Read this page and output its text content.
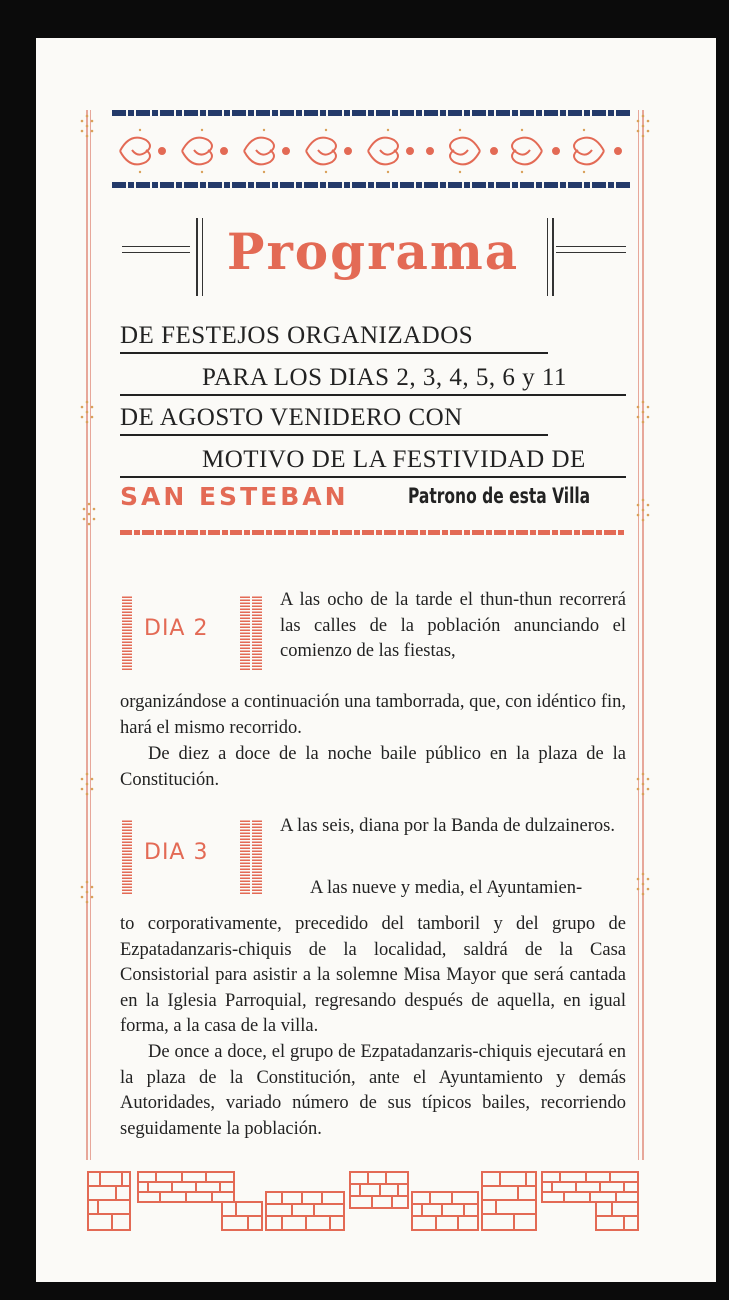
Programa
DE FESTEJOS ORGANIZADOS
PARA LOS DIAS 2, 3, 4, 5, 6 y 11
DE AGOSTO VENIDERO CON
MOTIVO DE LA FESTIVIDAD DE
SAN ESTEBAN	Patrono de esta Villa
DIA 2
A las ocho de la tarde el thun-thun recorrerá las calles de la población anunciando el comienzo de las fiestas,
organizándose a continuación una tamborrada, que, con idéntico fin, hará el mismo recorrido.
De diez a doce de la noche baile público en la plaza de la Constitución.
DIA 3
A las seis, diana por la Banda de dulzaineros.
A las nueve y media, el Ayuntamien-
to corporativamente, precedido del tamboril y del grupo de Ezpatadanzaris-chiquis de la localidad, saldrá de la Casa Consistorial para asistir a la solemne Misa Mayor que será cantada en la Iglesia Parroquial, regresando después de aquella, en igual forma, a la casa de la villa.
De once a doce, el grupo de Ezpatadanzaris-chiquis ejecutará en la plaza de la Constitución, ante el Ayuntamiento y demás Autoridades, variado número de sus típicos bailes, recorriendo seguidamente la población.
